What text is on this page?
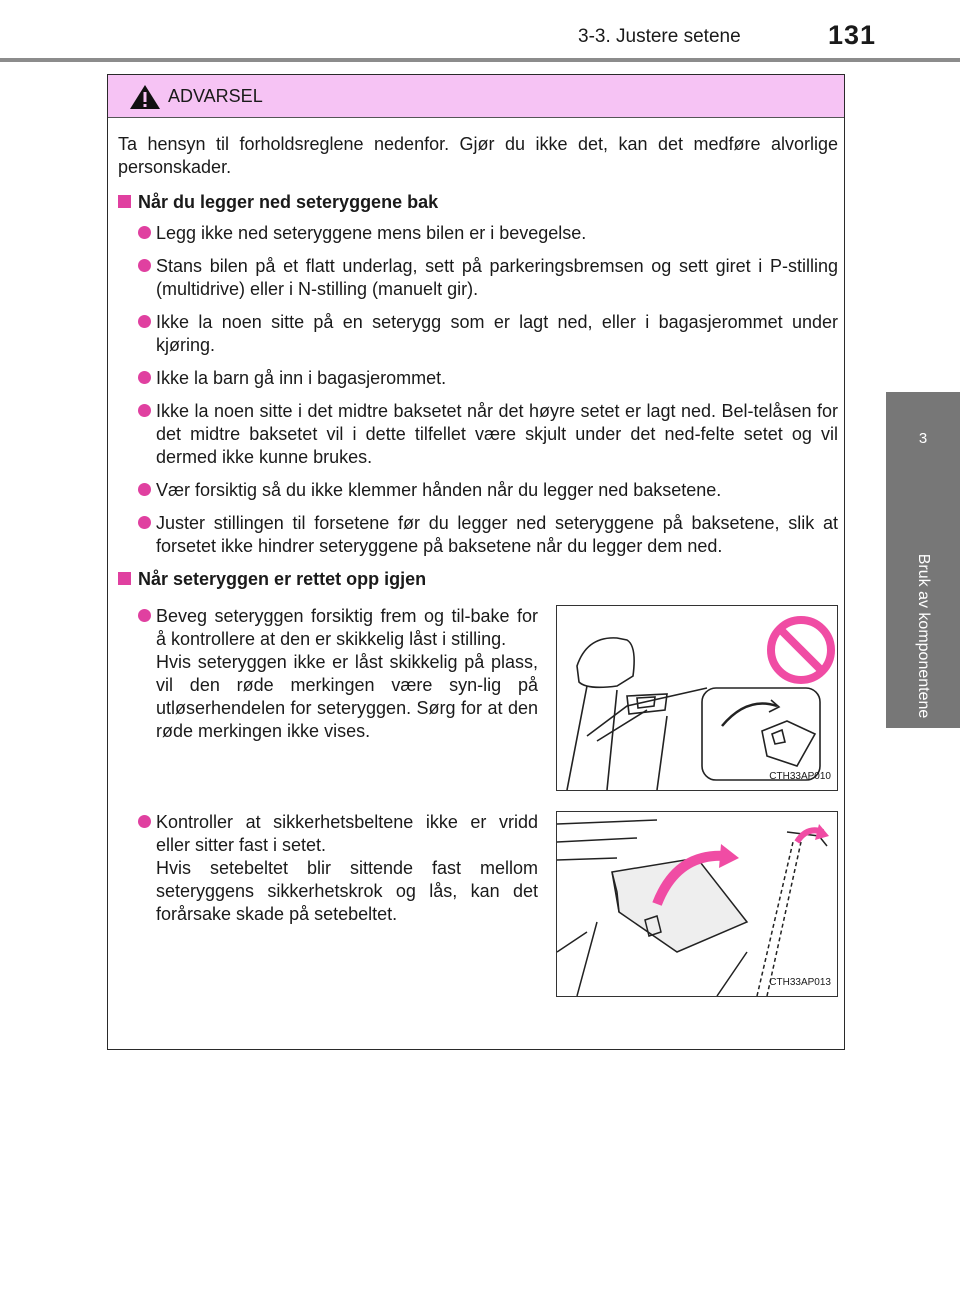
3-3. Justere setene	131
3
Bruk av komponentene
ADVARSEL

Ta hensyn til forholdsreglene nedenfor. Gjør du ikke det, kan det medføre alvorlige personskader.

Når du legger ned seteryggene bak
Legg ikke ned seteryggene mens bilen er i bevegelse.
Stans bilen på et flatt underlag, sett på parkeringsbremsen og sett giret i P-stilling (multidrive) eller i N-stilling (manuelt gir).
Ikke la noen sitte på en seterygg som er lagt ned, eller i bagasjerommet under kjøring.
Ikke la barn gå inn i bagasjerommet.
Ikke la noen sitte i det midtre baksetet når det høyre setet er lagt ned. Bel-telåsen for det midtre baksetet vil i dette tilfellet være skjult under det ned-felte setet og vil dermed ikke kunne brukes.
Vær forsiktig så du ikke klemmer hånden når du legger ned baksetene.
Juster stillingen til forsetene før du legger ned seteryggene på baksetene, slik at forsetet ikke hindrer seteryggene på baksetene når du legger dem ned.
Når seteryggen er rettet opp igjen

Beveg seteryggen forsiktig frem og til-bake for å kontrollere at den er skikkelig låst i stilling.

Hvis seteryggen ikke er låst skikkelig på plass, vil den røde merkingen være syn-lig på utløserhendelen for seteryggen. Sørg for at den røde merkingen ikke vises.

CTH33AP010

Kontroller at sikkerhetsbeltene ikke er vridd eller sitter fast i setet.

Hvis setebeltet blir sittende fast mellom seteryggens sikkerhetskrok og lås, kan det forårsake skade på setebeltet.

CTH33AP013
